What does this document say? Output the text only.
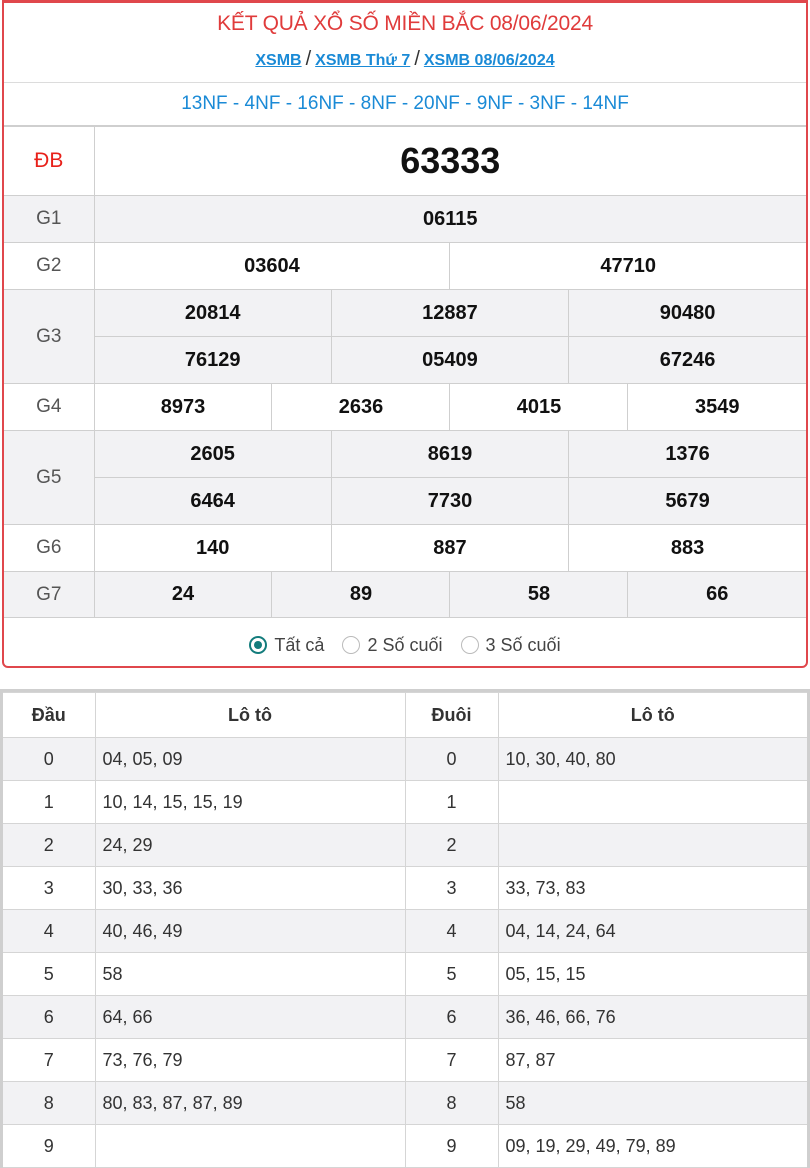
KẾT QUẢ XỔ SỐ MIỀN BẮC 08/06/2024
XSMB / XSMB Thứ 7 / XSMB 08/06/2024
13NF - 4NF - 16NF - 8NF - 20NF - 9NF - 3NF - 14NF
ĐB	63333					
G1	06115					
G2	03604			47710		
G3	20814		12887		90480	
	76129		05409		67246	
G4	8973	2636		4015		3549
G5	2605		8619		1376	
	6464		7730		5679	
G6	140		887		883	
G7	24	89		58		66
Tất cả 2 Số cuối 3 Số cuối
Đầu	Lô tô	Đuôi	Lô tô
0	04, 05, 09	0	10, 30, 40, 80
1	10, 14, 15, 15, 19	1	
2	24, 29	2	
3	30, 33, 36	3	33, 73, 83
4	40, 46, 49	4	04, 14, 24, 64
5	58	5	05, 15, 15
6	64, 66	6	36, 46, 66, 76
7	73, 76, 79	7	87, 87
8	80, 83, 87, 87, 89	8	58
9		9	09, 19, 29, 49, 79, 89
